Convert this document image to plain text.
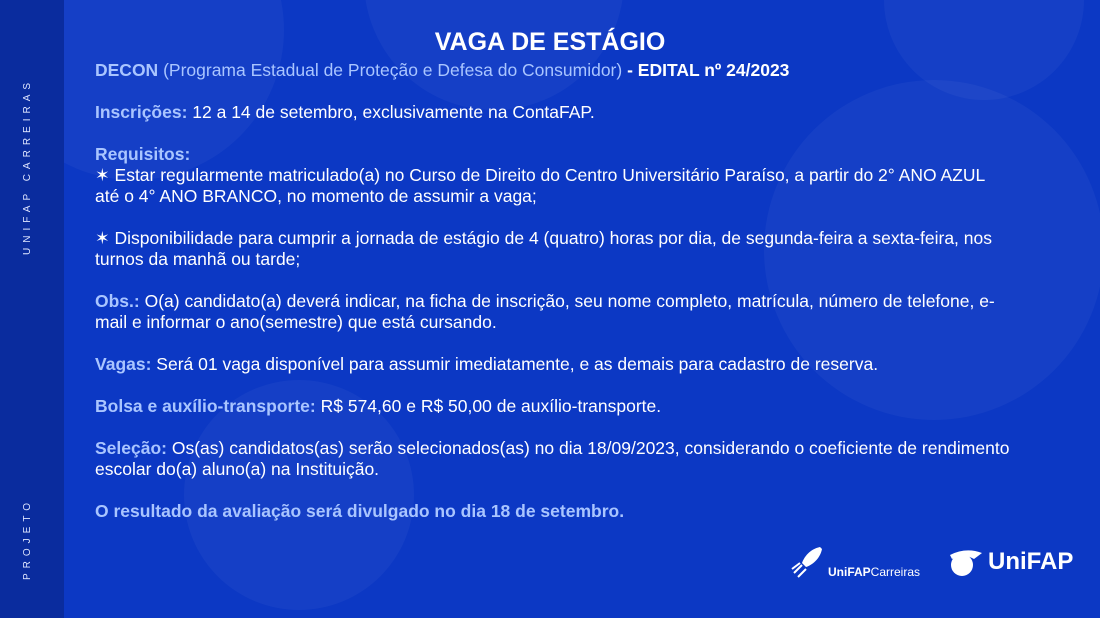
UNIFAP CARREIRAS
PROJETO
VAGA DE ESTÁGIO

DECON (Programa Estadual de Proteção e Defesa do Consumidor) - EDITAL nº 24/2023

Inscrições: 12 a 14 de setembro, exclusivamente na ContaFAP.

Requisitos:

✶ Estar regularmente matriculado(a) no Curso de Direito do Centro Universitário Paraíso, a partir do 2° ANO AZUL até o 4° ANO BRANCO, no momento de assumir a vaga;

✶ Disponibilidade para cumprir a jornada de estágio de 4 (quatro) horas por dia, de segunda-feira a sexta-feira, nos turnos da manhã ou tarde;

Obs.: O(a) candidato(a) deverá indicar, na ficha de inscrição, seu nome completo, matrícula, número de telefone, e-mail e informar o ano(semestre) que está cursando.

Vagas: Será 01 vaga disponível para assumir imediatamente, e as demais para cadastro de reserva.

Bolsa e auxílio-transporte: R$ 574,60 e R$ 50,00 de auxílio-transporte.

Seleção: Os(as) candidatos(as) serão selecionados(as) no dia 18/09/2023, considerando o coeficiente de rendimento escolar do(a) aluno(a) na Instituição.

O resultado da avaliação será divulgado no dia 18 de setembro.

UniFAPCarreiras	UniFAP
